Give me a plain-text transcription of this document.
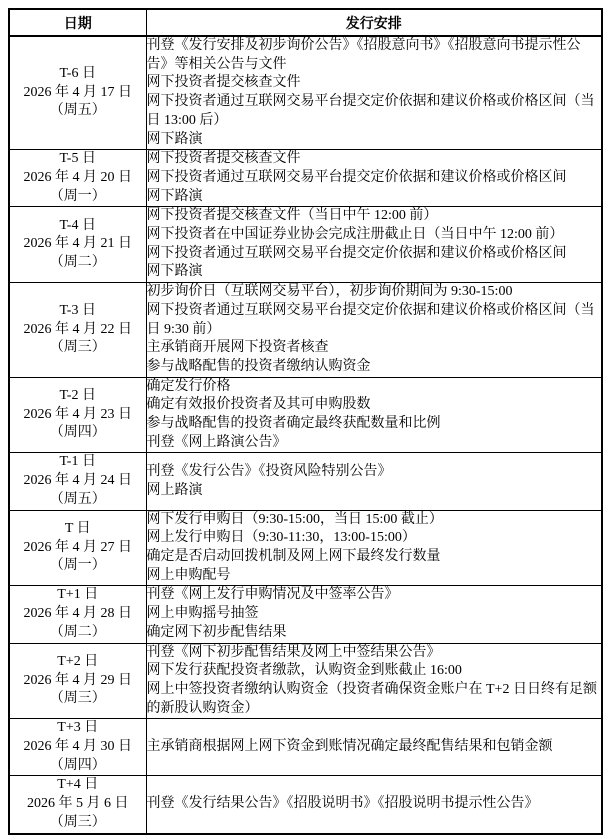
日期	发行安排

T-6 日
2026 年 4 月 17 日
（周五）

刊登《发行安排及初步询价公告》《招股意向书》《招股意向书提示性公告》等相关公告与文件
网下投资者提交核查文件
网下投资者通过互联网交易平台提交定价依据和建议价格或价格区间（当日 13:00 后）
网下路演

T-5 日
2026 年 4 月 20 日
（周一）

网下投资者提交核查文件
网下投资者通过互联网交易平台提交定价依据和建议价格或价格区间
网下路演

T-4 日
2026 年 4 月 21 日
（周二）

网下投资者提交核查文件（当日中午 12:00 前）
网下投资者在中国证券业协会完成注册截止日（当日中午 12:00 前）
网下投资者通过互联网交易平台提交定价依据和建议价格或价格区间
网下路演

T-3 日
2026 年 4 月 22 日
（周三）

初步询价日（互联网交易平台），初步询价期间为 9:30-15:00
网下投资者通过互联网交易平台提交定价依据和建议价格或价格区间（当日 9:30 前）
主承销商开展网下投资者核查
参与战略配售的投资者缴纳认购资金

T-2 日
2026 年 4 月 23 日
（周四）

确定发行价格
确定有效报价投资者及其可申购股数
参与战略配售的投资者确定最终获配数量和比例
刊登《网上路演公告》

T-1 日
2026 年 4 月 24 日
（周五）

刊登《发行公告》《投资风险特别公告》
网上路演

T 日
2026 年 4 月 27 日
（周一）

网下发行申购日（9:30-15:00，当日 15:00 截止）
网上发行申购日（9:30-11:30，13:00-15:00）
确定是否启动回拨机制及网上网下最终发行数量
网上申购配号

T+1 日
2026 年 4 月 28 日
（周二）

刊登《网上发行申购情况及中签率公告》
网上申购摇号抽签
确定网下初步配售结果

T+2 日
2026 年 4 月 29 日
（周三）

刊登《网下初步配售结果及网上中签结果公告》
网下发行获配投资者缴款，认购资金到账截止 16:00
网上中签投资者缴纳认购资金（投资者确保资金账户在 T+2 日日终有足额的新股认购资金）

T+3 日
2026 年 4 月 30 日
（周四）	主承销商根据网上网下资金到账情况确定最终配售结果和包销金额

T+4 日
2026 年 5 月 6 日
（周三）	刊登《发行结果公告》《招股说明书》《招股说明书提示性公告》
